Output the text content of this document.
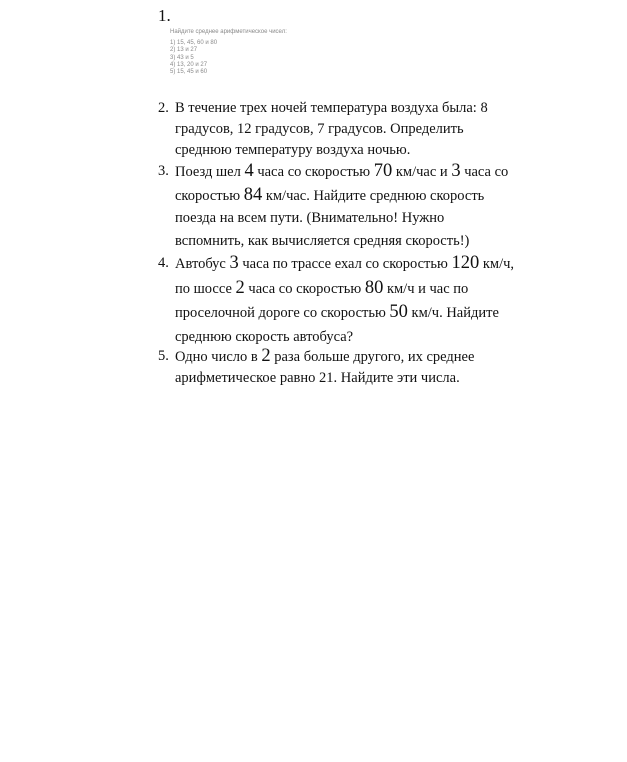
1.
Найдите среднее арифметическое чисел:
1) 15, 45, 60 и 80
2) 13 и 27
3) 43 и 5
4) 13, 20 и 27
5) 15, 45 и 60
2. В течение трех ночей температура воздуха была: 8
градусов, 12 градусов, 7 градусов. Определить
среднюю температуру воздуха ночью.
3. Поезд шел 4 часа со скоростью 70 км/час и 3 часа со
скоростью 84 км/час. Найдите среднюю скорость
поезда на всем пути. (Внимательно! Нужно
вспомнить, как вычисляется средняя скорость!)
4. Автобус 3 часа по трассе ехал со скоростью 120 км/ч,
по шоссе 2 часа со скоростью 80 км/ч и час по
проселочной дороге со скоростью 50 км/ч. Найдите
среднюю скорость автобуса?
5. Одно число в 2 раза больше другого, их среднее
арифметическое равно 21. Найдите эти числа.
